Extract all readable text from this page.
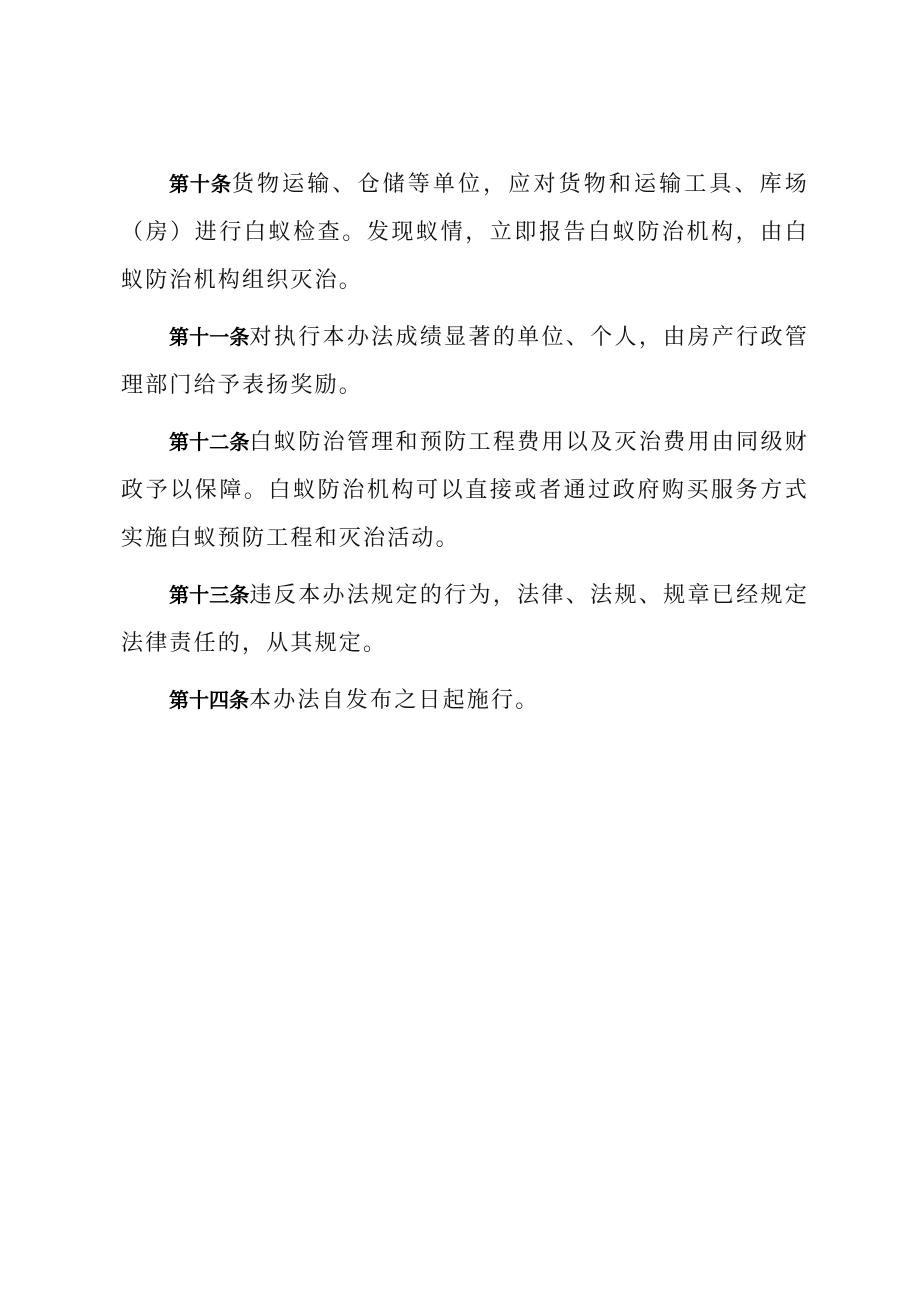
第十条货物运输、仓储等单位，应对货物和运输工具、库场（房）进行白蚁检查。发现蚁情，立即报告白蚁防治机构，由白蚁防治机构组织灭治。

第十一条对执行本办法成绩显著的单位、个人，由房产行政管理部门给予表扬奖励。

第十二条白蚁防治管理和预防工程费用以及灭治费用由同级财政予以保障。白蚁防治机构可以直接或者通过政府购买服务方式实施白蚁预防工程和灭治活动。

第十三条违反本办法规定的行为，法律、法规、规章已经规定法律责任的，从其规定。

第十四条本办法自发布之日起施行。
